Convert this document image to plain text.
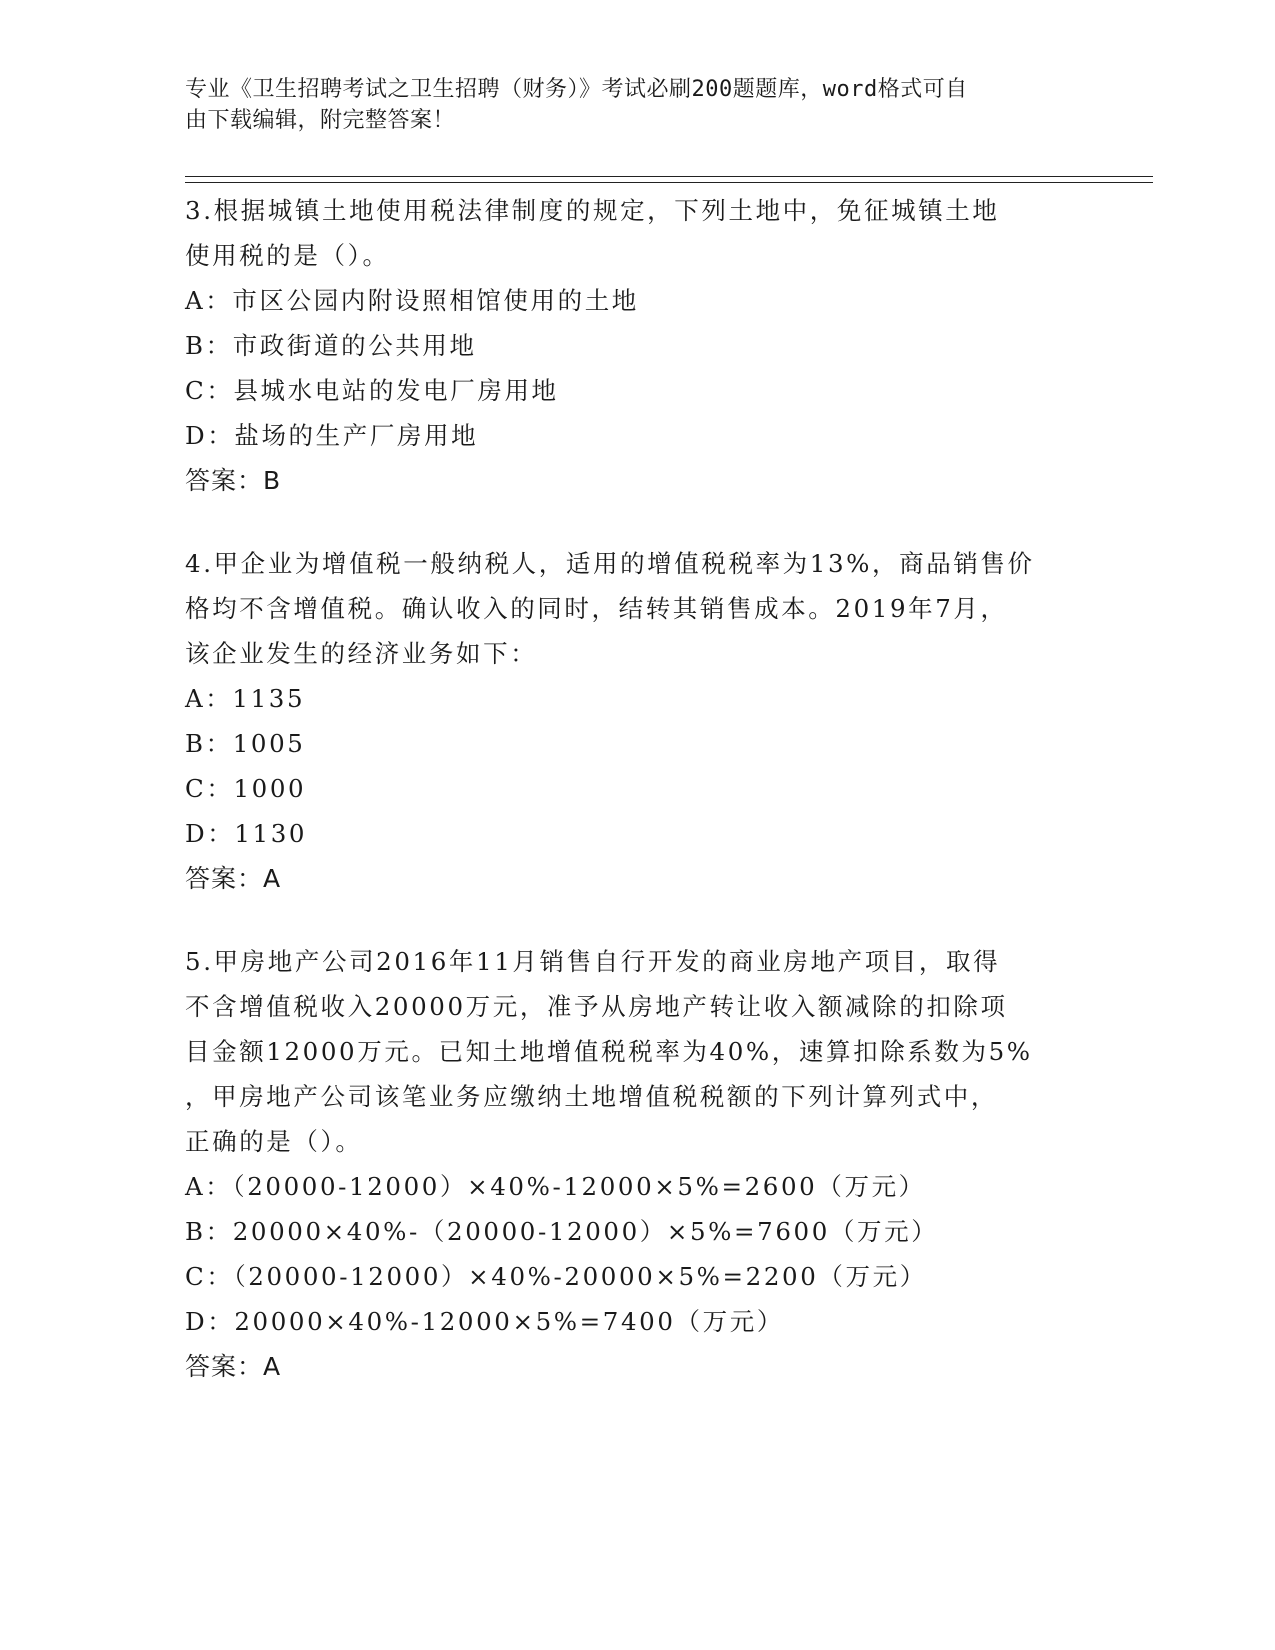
专业《卫生招聘考试之卫生招聘（财务）》考试必刷200题题库，word格式可自
由下载编辑，附完整答案！

3.根据城镇土地使用税法律制度的规定，下列土地中，免征城镇土地

使用税的是（）。

A：市区公园内附设照相馆使用的土地

B：市政街道的公共用地

C：县城水电站的发电厂房用地

D：盐场的生产厂房用地

答案：B

4.甲企业为增值税一般纳税人，适用的增值税税率为13%，商品销售价

格均不含增值税。确认收入的同时，结转其销售成本。2019年7月，

该企业发生的经济业务如下：

A：1135

B：1005

C：1000

D：1130

答案：A

5.甲房地产公司2016年11月销售自行开发的商业房地产项目，取得

不含增值税收入20000万元，准予从房地产转让收入额减除的扣除项

目金额12000万元。已知土地增值税税率为40%，速算扣除系数为5%

，甲房地产公司该笔业务应缴纳土地增值税税额的下列计算列式中，

正确的是（）。

A：（20000-12000）×40%-12000×5%=2600（万元）

B：20000×40%-（20000-12000）×5%=7600（万元）

C：（20000-12000）×40%-20000×5%=2200（万元）

D：20000×40%-12000×5%=7400（万元）

答案：A
